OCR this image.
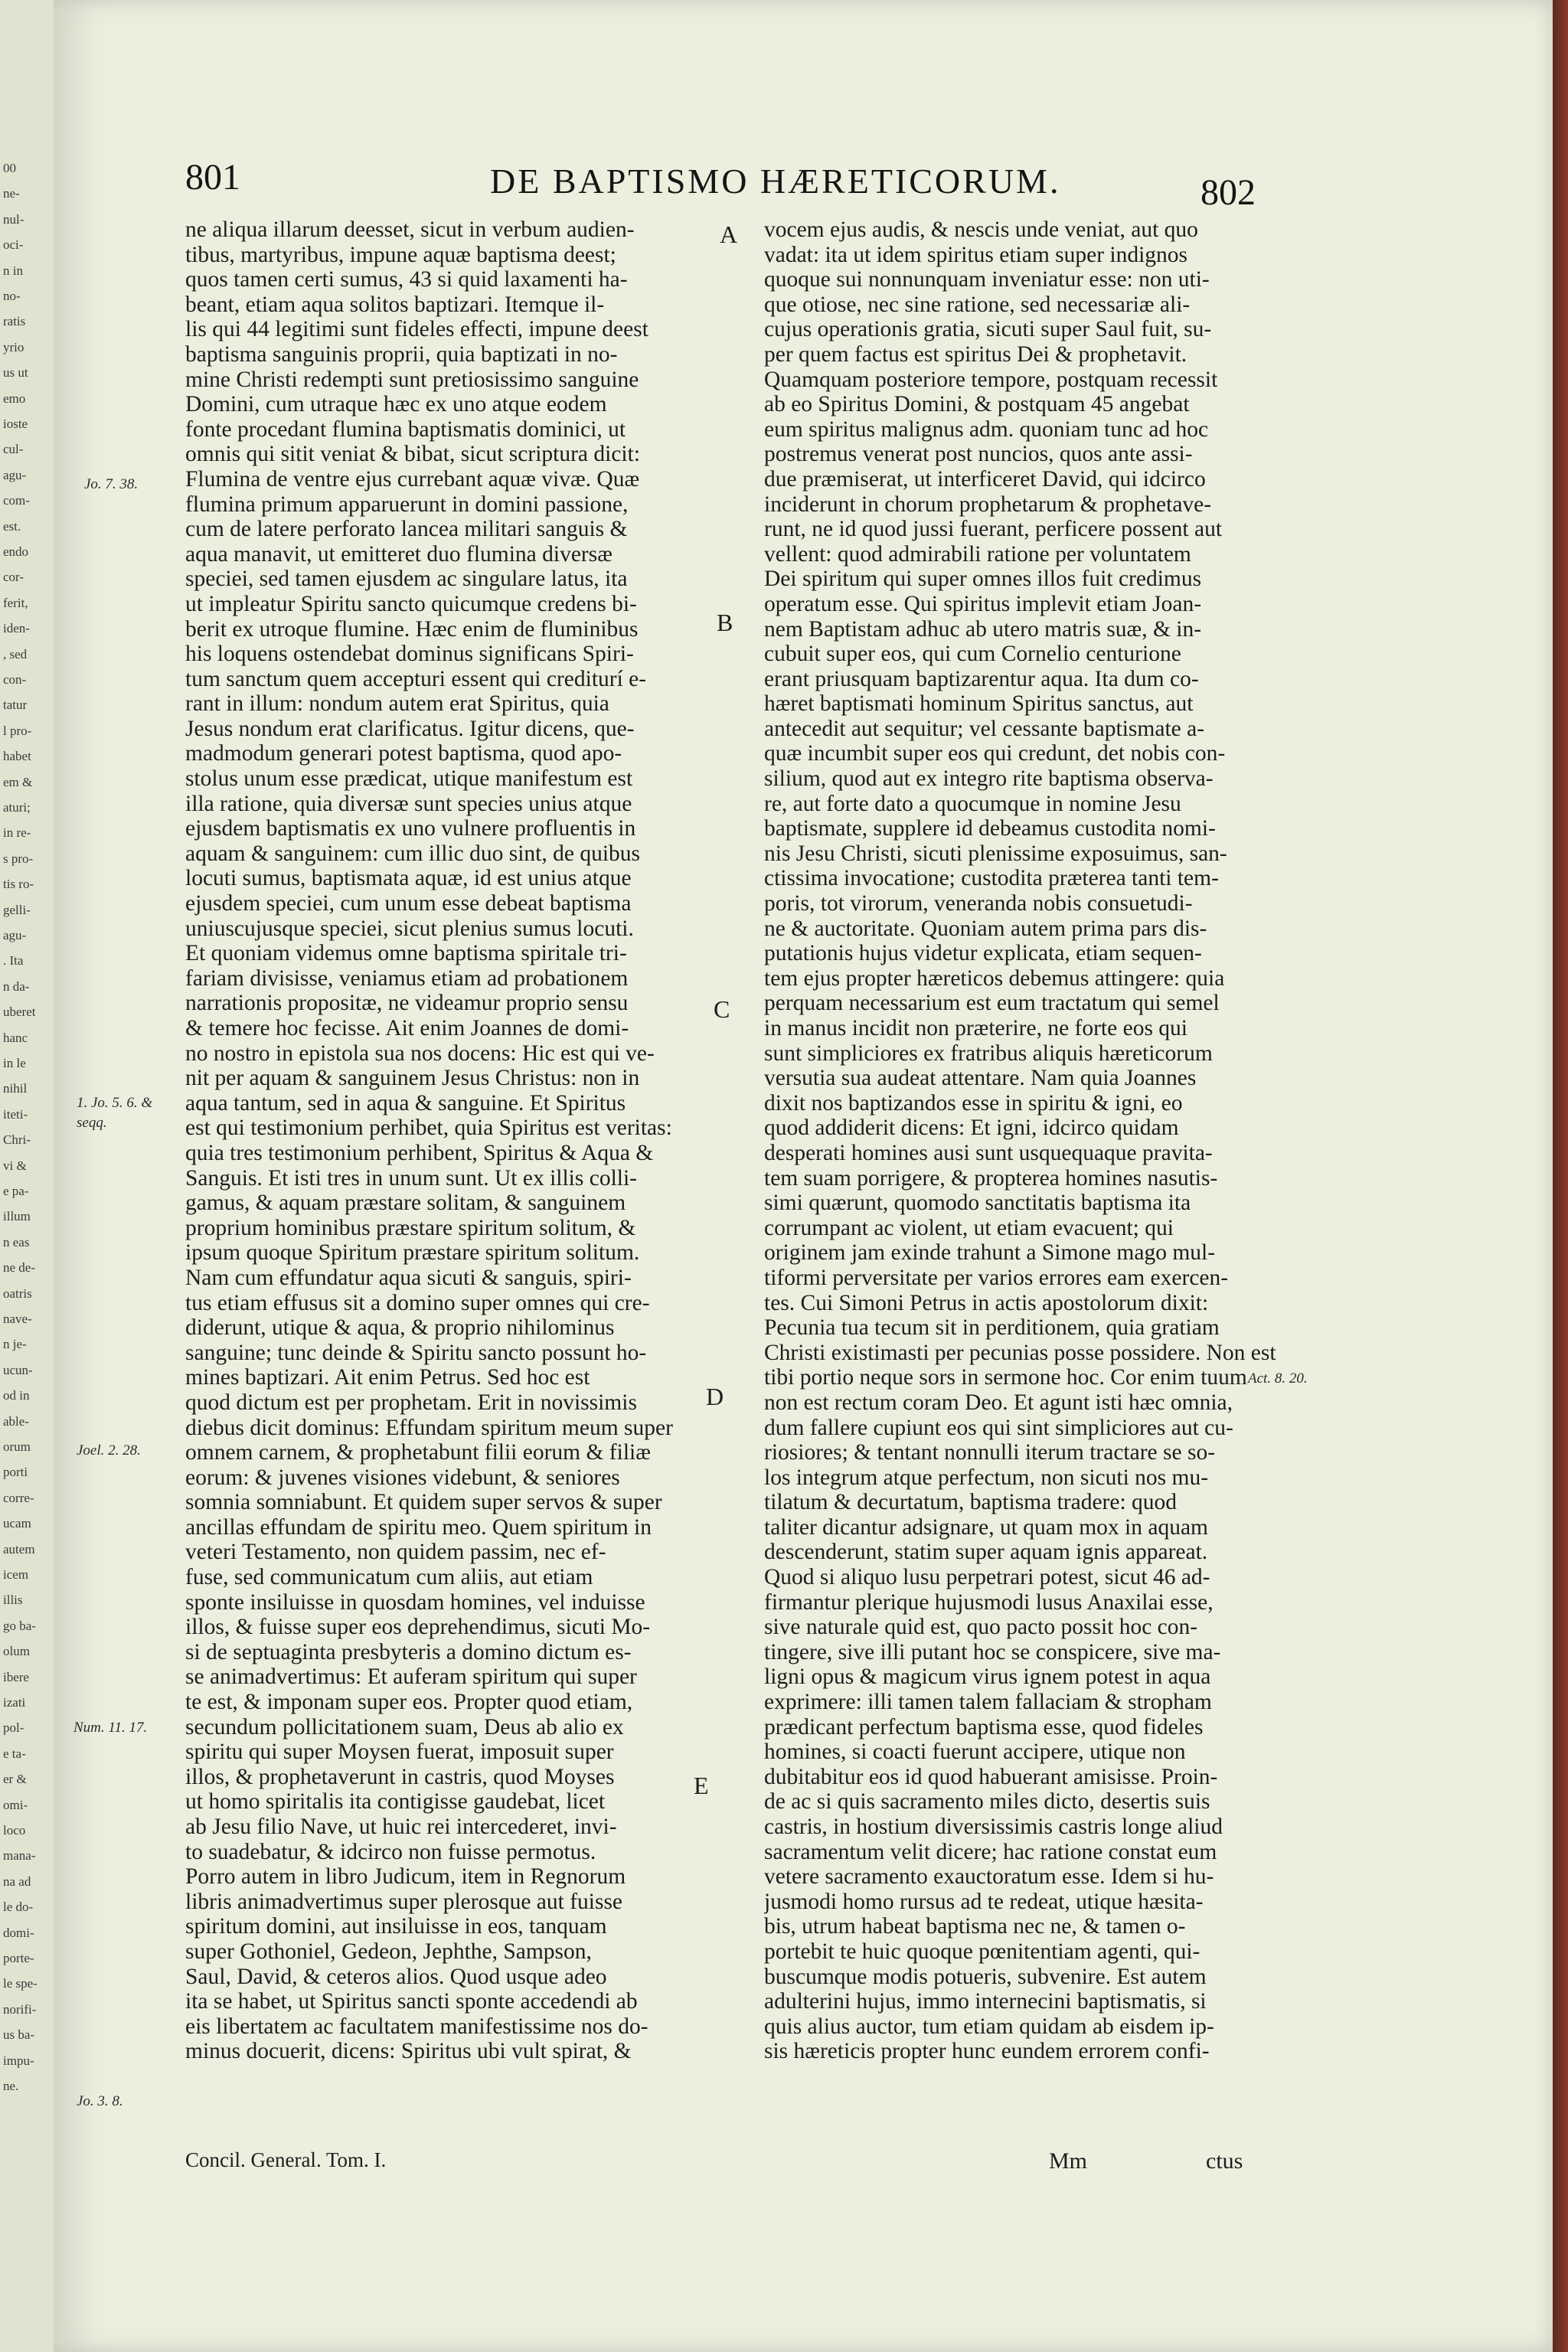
00
ne-
nul-
oci-
n in
no-
ratis
yrio
us ut
emo
ioste
cul-
agu-
com-
est.
endo
cor-
ferit,
iden-
, sed
con-
tatur
l pro-
habet
em &
aturi;
in re-
s pro-
tis ro-
gelli-
agu-
. Ita
n da-
uberet
hanc
in le
nihil
iteti-
Chri-
vi &
e pa-
illum
n eas
ne de-
oatris
nave-
n je-
ucun-
od in
able-
orum
porti
corre-
ucam
autem
icem
illis
go ba-
olum
ibere
izati
pol-
e ta-
er &
omi-
loco
mana-
na ad
le do-
domi-
porte-
le spe-
norifi-
us ba-
impu-
ne.
801	DE BAPTISMO HÆRETICORUM.	802
ne aliqua illarum deesset, sicut in verbum audien-
tibus, martyribus, impune aquæ baptisma deest;
quos tamen certi sumus, 43 si quid laxamenti ha-
beant, etiam aqua solitos baptizari. Itemque il-
lis qui 44 legitimi sunt fideles effecti, impune deest
baptisma sanguinis proprii, quia baptizati in no-
mine Christi redempti sunt pretiosissimo sanguine
Domini, cum utraque hæc ex uno atque eodem
fonte procedant flumina baptismatis dominici, ut
omnis qui sitit veniat & bibat, sicut scriptura dicit:
Flumina de ventre ejus currebant aquæ vivæ. Quæ
flumina primum apparuerunt in domini passione,
cum de latere perforato lancea militari sanguis &
aqua manavit, ut emitteret duo flumina diversæ
speciei, sed tamen ejusdem ac singulare latus, ita
ut impleatur Spiritu sancto quicumque credens bi-
berit ex utroque flumine. Hæc enim de fluminibus
his loquens ostendebat dominus significans Spiri-
tum sanctum quem accepturi essent qui crediturí e-
rant in illum: nondum autem erat Spiritus, quia
Jesus nondum erat clarificatus. Igitur dicens, que-
madmodum generari potest baptisma, quod apo-
stolus unum esse prædicat, utique manifestum est
illa ratione, quia diversæ sunt species unius atque
ejusdem baptismatis ex uno vulnere profluentis in
aquam & sanguinem: cum illic duo sint, de quibus
locuti sumus, baptismata aquæ, id est unius atque
ejusdem speciei, cum unum esse debeat baptisma
uniuscujusque speciei, sicut plenius sumus locuti.
Et quoniam videmus omne baptisma spiritale tri-
fariam divisisse, veniamus etiam ad probationem
narrationis propositæ, ne videamur proprio sensu
& temere hoc fecisse. Ait enim Joannes de domi-
no nostro in epistola sua nos docens: Hic est qui ve-
nit per aquam & sanguinem Jesus Christus: non in
aqua tantum, sed in aqua & sanguine. Et Spiritus
est qui testimonium perhibet, quia Spiritus est veritas:
quia tres testimonium perhibent, Spiritus & Aqua &
Sanguis. Et isti tres in unum sunt. Ut ex illis colli-
gamus, & aquam præstare solitam, & sanguinem
proprium hominibus præstare spiritum solitum, &
ipsum quoque Spiritum præstare spiritum solitum.
Nam cum effundatur aqua sicuti & sanguis, spiri-
tus etiam effusus sit a domino super omnes qui cre-
diderunt, utique & aqua, & proprio nihilominus
sanguine; tunc deinde & Spiritu sancto possunt ho-
mines baptizari. Ait enim Petrus. Sed hoc est
quod dictum est per prophetam. Erit in novissimis
diebus dicit dominus: Effundam spiritum meum super
omnem carnem, & prophetabunt filii eorum & filiæ
eorum: & juvenes visiones videbunt, & seniores
somnia somniabunt. Et quidem super servos & super
ancillas effundam de spiritu meo. Quem spiritum in
veteri Testamento, non quidem passim, nec ef-
fuse, sed communicatum cum aliis, aut etiam
sponte insiluisse in quosdam homines, vel induisse
illos, & fuisse super eos deprehendimus, sicuti Mo-
si de septuaginta presbyteris a domino dictum es-
se animadvertimus: Et auferam spiritum qui super
te est, & imponam super eos. Propter quod etiam,
secundum pollicitationem suam, Deus ab alio ex
spiritu qui super Moysen fuerat, imposuit super
illos, & prophetaverunt in castris, quod Moyses
ut homo spiritalis ita contigisse gaudebat, licet
ab Jesu filio Nave, ut huic rei intercederet, invi-
to suadebatur, & idcirco non fuisse permotus.
Porro autem in libro Judicum, item in Regnorum
libris animadvertimus super plerosque aut fuisse
spiritum domini, aut insiluisse in eos, tanquam
super Gothoniel, Gedeon, Jephthe, Sampson,
Saul, David, & ceteros alios. Quod usque adeo
ita se habet, ut Spiritus sancti sponte accedendi ab
eis libertatem ac facultatem manifestissime nos do-
minus docuerit, dicens: Spiritus ubi vult spirat, &
vocem ejus audis, & nescis unde veniat, aut quo
vadat: ita ut idem spiritus etiam super indignos
quoque sui nonnunquam inveniatur esse: non uti-
que otiose, nec sine ratione, sed necessariæ ali-
cujus operationis gratia, sicuti super Saul fuit, su-
per quem factus est spiritus Dei & prophetavit.
Quamquam posteriore tempore, postquam recessit
ab eo Spiritus Domini, & postquam 45 angebat
eum spiritus malignus adm. quoniam tunc ad hoc
postremus venerat post nuncios, quos ante assi-
due præmiserat, ut interficeret David, qui idcirco
inciderunt in chorum prophetarum & prophetave-
runt, ne id quod jussi fuerant, perficere possent aut
vellent: quod admirabili ratione per voluntatem
Dei spiritum qui super omnes illos fuit credimus
operatum esse. Qui spiritus implevit etiam Joan-
nem Baptistam adhuc ab utero matris suæ, & in-
cubuit super eos, qui cum Cornelio centurione
erant priusquam baptizarentur aqua. Ita dum co-
hæret baptismati hominum Spiritus sanctus, aut
antecedit aut sequitur; vel cessante baptismate a-
quæ incumbit super eos qui credunt, det nobis con-
silium, quod aut ex integro rite baptisma observa-
re, aut forte dato a quocumque in nomine Jesu
baptismate, supplere id debeamus custodita nomi-
nis Jesu Christi, sicuti plenissime exposuimus, san-
ctissima invocatione; custodita præterea tanti tem-
poris, tot virorum, veneranda nobis consuetudi-
ne & auctoritate. Quoniam autem prima pars dis-
putationis hujus videtur explicata, etiam sequen-
tem ejus propter hæreticos debemus attingere: quia
perquam necessarium est eum tractatum qui semel
in manus incidit non præterire, ne forte eos qui
sunt simpliciores ex fratribus aliquis hæreticorum
versutia sua audeat attentare. Nam quia Joannes
dixit nos baptizandos esse in spiritu & igni, eo
quod addiderit dicens: Et igni, idcirco quidam
desperati homines ausi sunt usquequaque pravita-
tem suam porrigere, & propterea homines nasutis-
simi quærunt, quomodo sanctitatis baptisma ita
corrumpant ac violent, ut etiam evacuent; qui
originem jam exinde trahunt a Simone mago mul-
tiformi perversitate per varios errores eam exercen-
tes. Cui Simoni Petrus in actis apostolorum dixit:
Pecunia tua tecum sit in perditionem, quia gratiam
Christi existimasti per pecunias posse possidere. Non est
tibi portio neque sors in sermone hoc. Cor enim tuum
non est rectum coram Deo. Et agunt isti hæc omnia,
dum fallere cupiunt eos qui sint simpliciores aut cu-
riosiores; & tentant nonnulli iterum tractare se so-
los integrum atque perfectum, non sicuti nos mu-
tilatum & decurtatum, baptisma tradere: quod
taliter dicantur adsignare, ut quam mox in aquam
descenderunt, statim super aquam ignis appareat.
Quod si aliquo lusu perpetrari potest, sicut 46 ad-
firmantur plerique hujusmodi lusus Anaxilai esse,
sive naturale quid est, quo pacto possit hoc con-
tingere, sive illi putant hoc se conspicere, sive ma-
ligni opus & magicum virus ignem potest in aqua
exprimere: illi tamen talem fallaciam & stropham
prædicant perfectum baptisma esse, quod fideles
homines, si coacti fuerunt accipere, utique non
dubitabitur eos id quod habuerant amisisse. Proin-
de ac si quis sacramento miles dicto, desertis suis
castris, in hostium diversissimis castris longe aliud
sacramentum velit dicere; hac ratione constat eum
vetere sacramento exauctoratum esse. Idem si hu-
jusmodi homo rursus ad te redeat, utique hæsita-
bis, utrum habeat baptisma nec ne, & tamen o-
portebit te huic quoque pœnitentiam agenti, qui-
buscumque modis potueris, subvenire. Est autem
adulterini hujus, immo internecini baptismatis, si
quis alius auctor, tum etiam quidam ab eisdem ip-
sis hæreticis propter hunc eundem errorem confi-
Jo. 7. 38.
1. Jo. 5. 6. &
seqq.
Joel. 2. 28.
Num. 11. 17.
Jo. 3. 8.
Act. 8. 20.
A
B
C
D
E
Concil. General. Tom. I.	Mm	ctus
